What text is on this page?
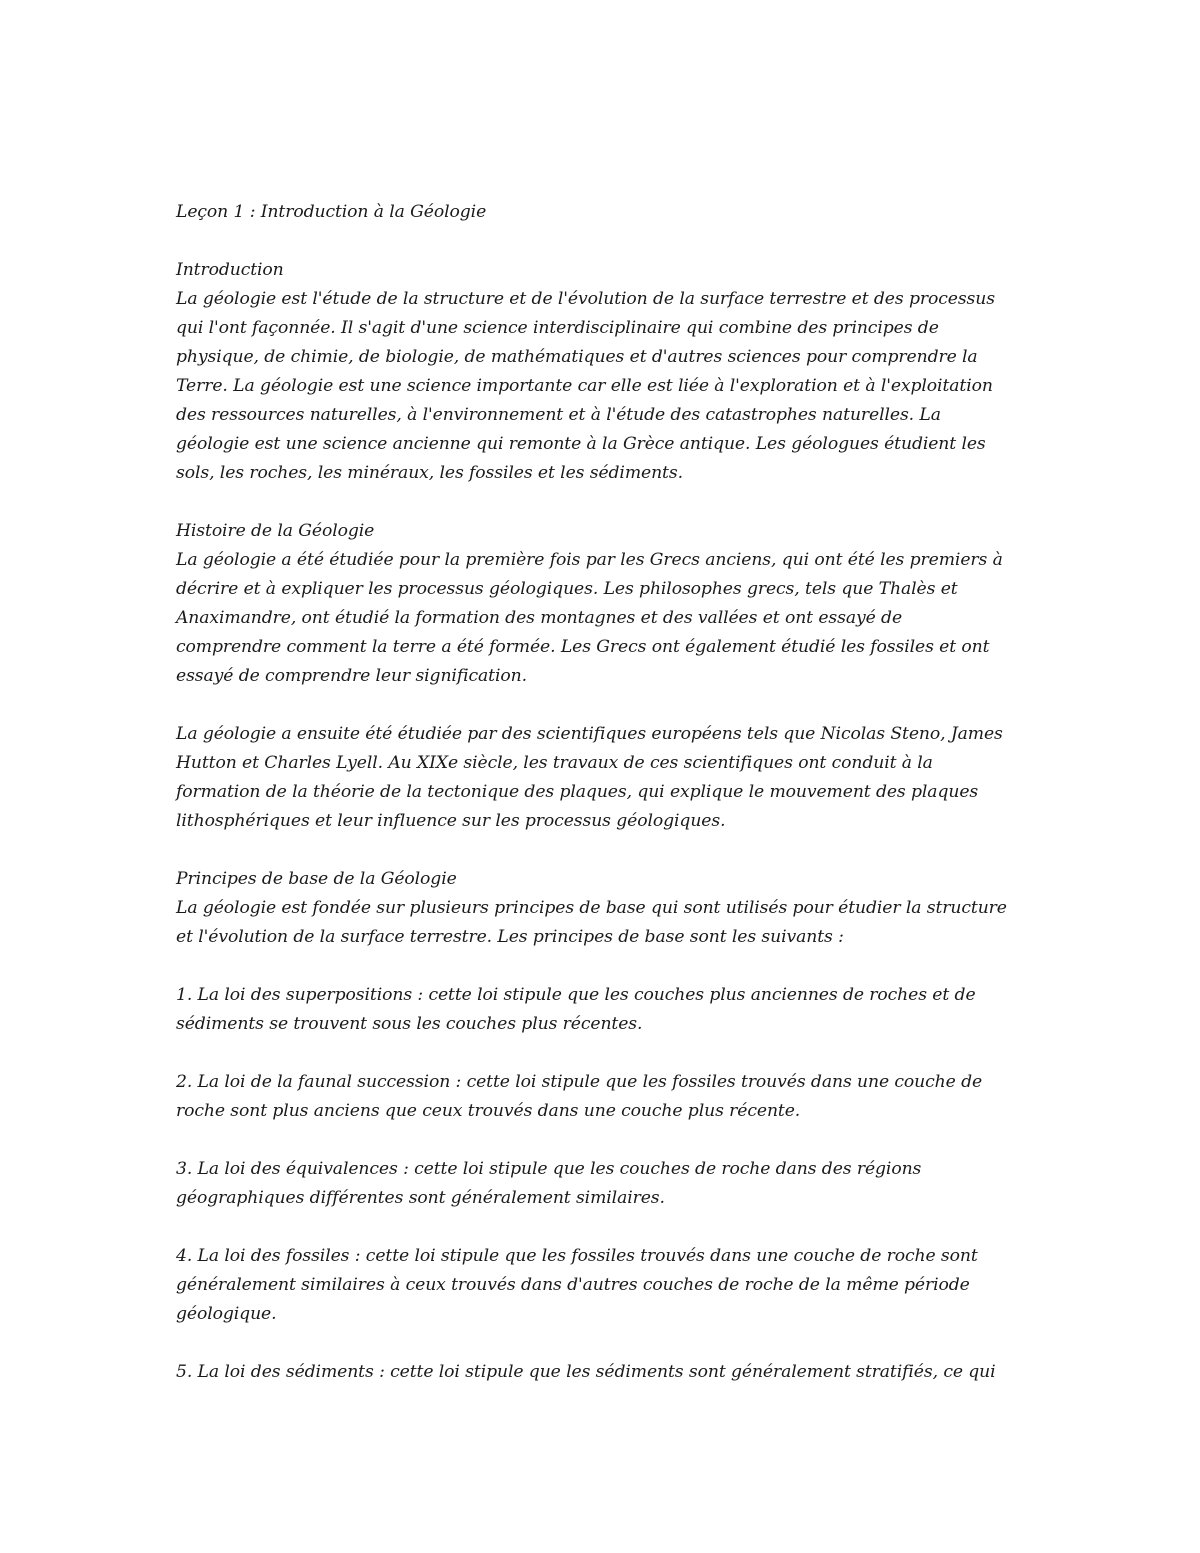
Leçon 1 : Introduction à la Géologie
Introduction
La géologie est l'étude de la structure et de l'évolution de la surface terrestre et des processus
qui l'ont façonnée. Il s'agit d'une science interdisciplinaire qui combine des principes de
physique, de chimie, de biologie, de mathématiques et d'autres sciences pour comprendre la
Terre. La géologie est une science importante car elle est liée à l'exploration et à l'exploitation
des ressources naturelles, à l'environnement et à l'étude des catastrophes naturelles. La
géologie est une science ancienne qui remonte à la Grèce antique. Les géologues étudient les
sols, les roches, les minéraux, les fossiles et les sédiments.
Histoire de la Géologie
La géologie a été étudiée pour la première fois par les Grecs anciens, qui ont été les premiers à
décrire et à expliquer les processus géologiques. Les philosophes grecs, tels que Thalès et
Anaximandre, ont étudié la formation des montagnes et des vallées et ont essayé de
comprendre comment la terre a été formée. Les Grecs ont également étudié les fossiles et ont
essayé de comprendre leur signification.
La géologie a ensuite été étudiée par des scientifiques européens tels que Nicolas Steno, James
Hutton et Charles Lyell. Au XIXe siècle, les travaux de ces scientifiques ont conduit à la
formation de la théorie de la tectonique des plaques, qui explique le mouvement des plaques
lithosphériques et leur influence sur les processus géologiques.
Principes de base de la Géologie
La géologie est fondée sur plusieurs principes de base qui sont utilisés pour étudier la structure
et l'évolution de la surface terrestre. Les principes de base sont les suivants :
1. La loi des superpositions : cette loi stipule que les couches plus anciennes de roches et de
sédiments se trouvent sous les couches plus récentes.
2. La loi de la faunal succession : cette loi stipule que les fossiles trouvés dans une couche de
roche sont plus anciens que ceux trouvés dans une couche plus récente.
3. La loi des équivalences : cette loi stipule que les couches de roche dans des régions
géographiques différentes sont généralement similaires.
4. La loi des fossiles : cette loi stipule que les fossiles trouvés dans une couche de roche sont
généralement similaires à ceux trouvés dans d'autres couches de roche de la même période
géologique.
5. La loi des sédiments : cette loi stipule que les sédiments sont généralement stratifiés, ce qui
